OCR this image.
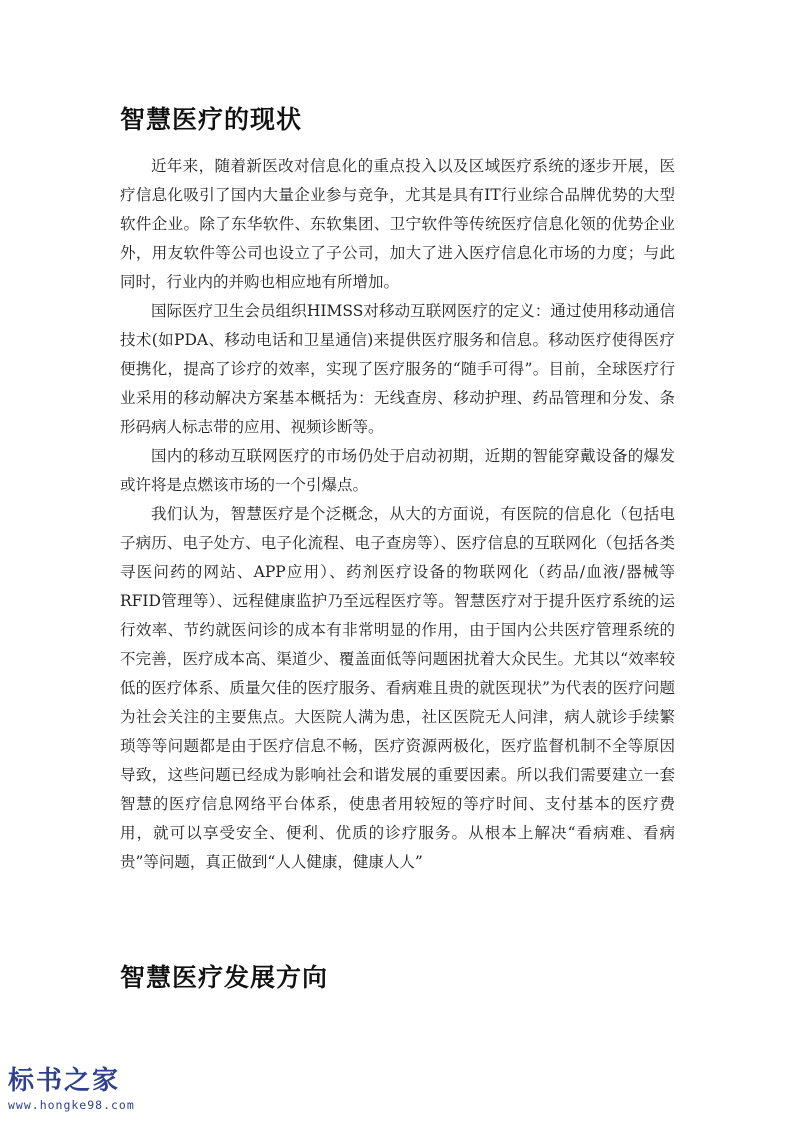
智慧医疗的现状

近年来，随着新医改对信息化的重点投入以及区域医疗系统的逐步开展，医疗信息化吸引了国内大量企业参与竞争，尤其是具有IT行业综合品牌优势的大型软件企业。除了东华软件、东软集团、卫宁软件等传统医疗信息化领的优势企业外，用友软件等公司也设立了子公司，加大了进入医疗信息化市场的力度；与此同时，行业内的并购也相应地有所增加。

国际医疗卫生会员组织HIMSS对移动互联网医疗的定义：通过使用移动通信技术(如PDA、移动电话和卫星通信)来提供医疗服务和信息。移动医疗使得医疗便携化，提高了诊疗的效率，实现了医疗服务的“随手可得”。目前，全球医疗行业采用的移动解决方案基本概括为：无线查房、移动护理、药品管理和分发、条形码病人标志带的应用、视频诊断等。

国内的移动互联网医疗的市场仍处于启动初期，近期的智能穿戴设备的爆发或许将是点燃该市场的一个引爆点。

我们认为，智慧医疗是个泛概念，从大的方面说，有医院的信息化（包括电子病历、电子处方、电子化流程、电子查房等）、医疗信息的互联网化（包括各类寻医问药的网站、APP应用）、药剂医疗设备的物联网化（药品/血液/器械等RFID管理等）、远程健康监护乃至远程医疗等。智慧医疗对于提升医疗系统的运行效率、节约就医问诊的成本有非常明显的作用，由于国内公共医疗管理系统的不完善，医疗成本高、渠道少、覆盖面低等问题困扰着大众民生。尤其以“效率较低的医疗体系、质量欠佳的医疗服务、看病难且贵的就医现状”为代表的医疗问题为社会关注的主要焦点。大医院人满为患，社区医院无人问津，病人就诊手续繁琐等等问题都是由于医疗信息不畅，医疗资源两极化，医疗监督机制不全等原因导致，这些问题已经成为影响社会和谐发展的重要因素。所以我们需要建立一套智慧的医疗信息网络平台体系，使患者用较短的等疗时间、支付基本的医疗费用，就可以享受安全、便利、优质的诊疗服务。从根本上解决“看病难、看病贵”等问题，真正做到“人人健康，健康人人”

智慧医疗发展方向
标书之家
www.hongke98.com
